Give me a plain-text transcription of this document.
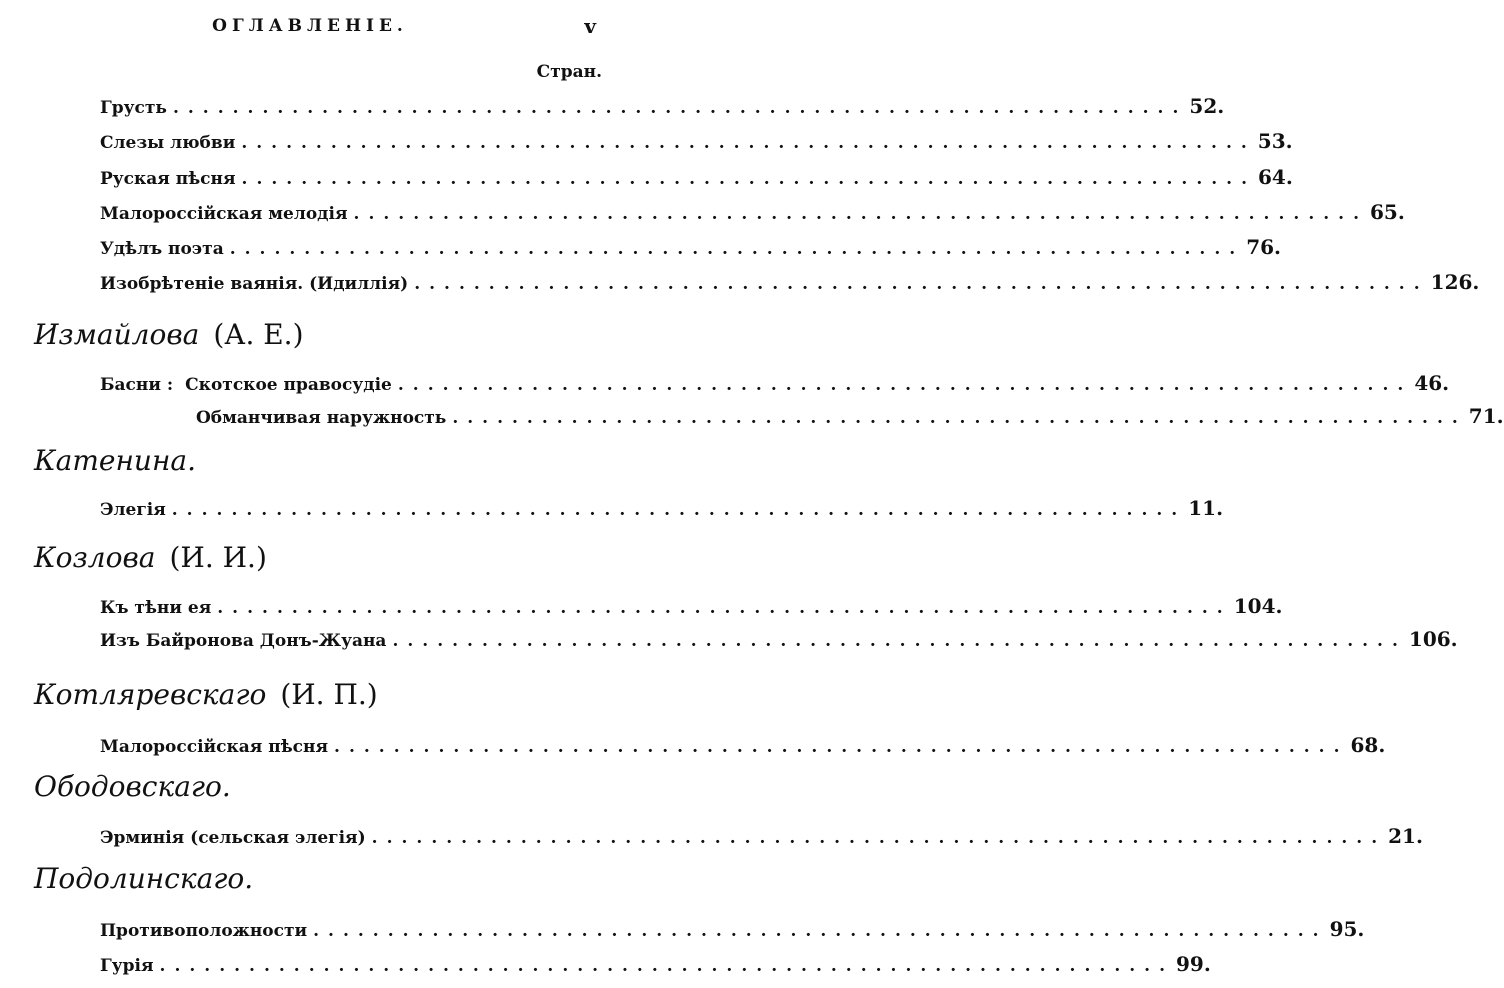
ОГЛАВЛЕНІЕ.	v
Стран.
Грусть .................................................................... 52.
Слезы любви .................................................................... 53.
Руская пѣсня .................................................................... 64.
Малороссійская мелодія .................................................................... 65.
Удѣлъ поэта .................................................................... 76.
Изобрѣтеніе ваянія. (Идиллія) .................................................................... 126.
Измайлова (А. Е.)
Басни : Скотское правосудіе .................................................................... 46.
Обманчивая наружность .................................................................... 71.
Катенина.
Элегія .................................................................... 11.
Козлова (И. И.)
Къ тѣни ея .................................................................... 104.
Изъ Байронова Донъ-Жуана .................................................................... 106.
Котляревскаго (И. П.)
Малороссійская пѣсня .................................................................... 68.
Ободовскаго.
Эрминія (сельская элегія) .................................................................... 21.
Подолинскаго.
Противоположности .................................................................... 95.
Гурія .................................................................... 99.
